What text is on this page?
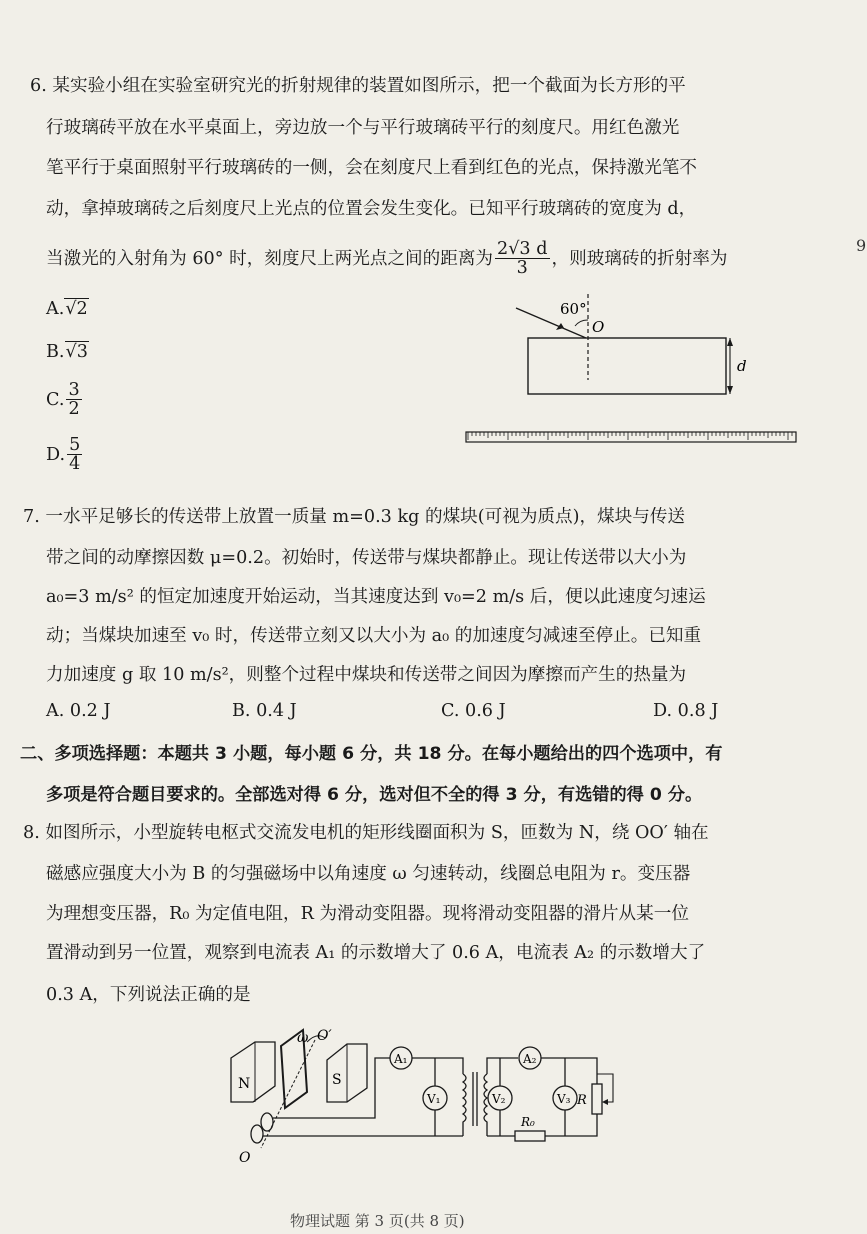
6. 某实验小组在实验室研究光的折射规律的装置如图所示，把一个截面为长方形的平
行玻璃砖平放在水平桌面上，旁边放一个与平行玻璃砖平行的刻度尺。用红色激光
笔平行于桌面照射平行玻璃砖的一侧，会在刻度尺上看到红色的光点，保持激光笔不
动，拿掉玻璃砖之后刻度尺上光点的位置会发生变化。已知平行玻璃砖的宽度为 d，
当激光的入射角为 60° 时，刻度尺上两光点之间的距离为 $\frac{2√3 d}{3}$ ，则玻璃砖的折射率为
A.√2
B.√3
C. $\frac{3}{2}$
D. $\frac{5}{4}$
60°
O
d
7. 一水平足够长的传送带上放置一质量 m=0.3 kg 的煤块(可视为质点)，煤块与传送
带之间的动摩擦因数 μ=0.2。初始时，传送带与煤块都静止。现让传送带以大小为
a₀=3 m/s² 的恒定加速度开始运动，当其速度达到 v₀=2 m/s 后，便以此速度匀速运
动；当煤块加速至 v₀ 时，传送带立刻又以大小为 a₀ 的加速度匀减速至停止。已知重
力加速度 g 取 10 m/s²，则整个过程中煤块和传送带之间因为摩擦而产生的热量为
A. 0.2 J	B. 0.4 J	C. 0.6 J	D. 0.8 J
二、多项选择题：本题共 3 小题，每小题 6 分，共 18 分。在每小题给出的四个选项中，有
多项是符合题目要求的。全部选对得 6 分，选对但不全的得 3 分，有选错的得 0 分。
8. 如图所示，小型旋转电枢式交流发电机的矩形线圈面积为 S，匝数为 N，绕 OO′ 轴在
磁感应强度大小为 B 的匀强磁场中以角速度 ω 匀速转动，线圈总电阻为 r。变压器
为理想变压器，R₀ 为定值电阻，R 为滑动变阻器。现将滑动变阻器的滑片从某一位
置滑动到另一位置，观察到电流表 A₁ 的示数增大了 0.6 A，电流表 A₂ 的示数增大了
0.3 A，下列说法正确的是
N	S
ω O′
O
A₁
V₁
A₂
V₂
R₀
V₃ R
物理试题 第 3 页(共 8 页)
9
